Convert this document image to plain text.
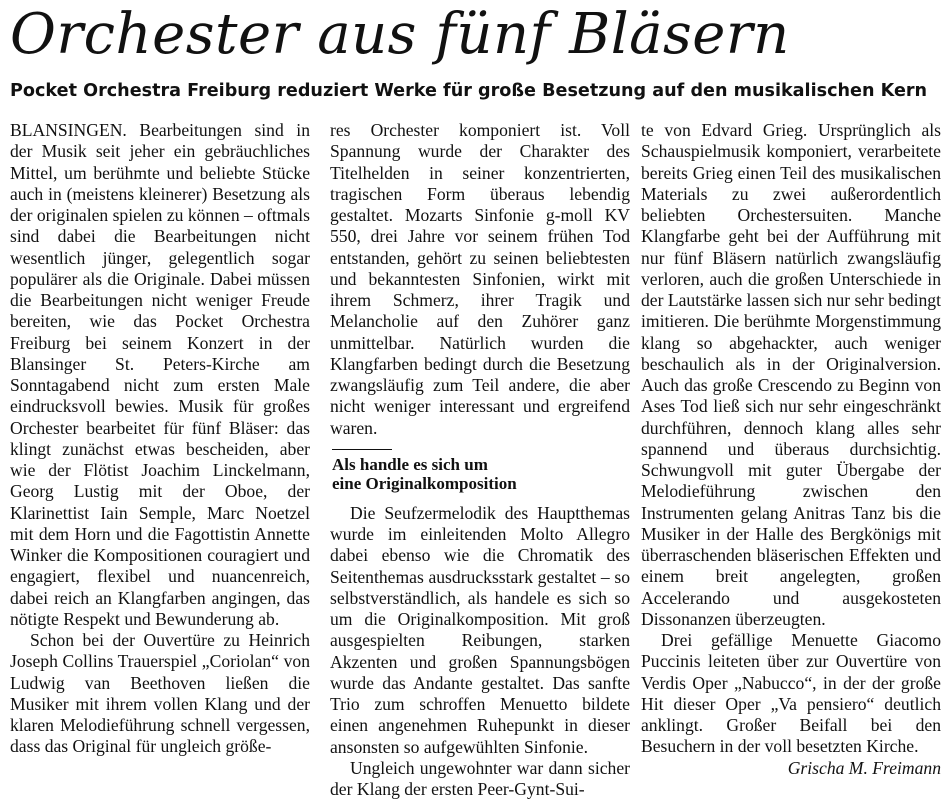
Orchester aus fünf Bläsern
Pocket Orchestra Freiburg reduziert Werke für große Besetzung auf den musikalischen Kern

BLANSINGEN. Bearbeitungen sind in der Musik seit jeher ein gebräuchliches Mittel, um berühmte und beliebte Stücke auch in (meistens kleinerer) Besetzung als der originalen spielen zu können – oftmals sind dabei die Bearbeitungen nicht wesentlich jünger, gelegentlich sogar populärer als die Originale. Dabei müssen die Bearbeitungen nicht weniger Freude bereiten, wie das Pocket Orchestra Freiburg bei seinem Konzert in der Blansinger St. Peters-Kirche am Sonntagabend nicht zum ersten Male eindrucksvoll bewies. Musik für großes Orchester bearbeitet für fünf Bläser: das klingt zunächst etwas bescheiden, aber wie der Flötist Joachim Linckelmann, Georg Lustig mit der Oboe, der Klarinettist Iain Semple, Marc Noetzel mit dem Horn und die Fagottistin Annette Winker die Kompositionen couragiert und engagiert, flexibel und nuancenreich, dabei reich an Klangfarben angingen, das nötigte Respekt und Bewunderung ab.

Schon bei der Ouvertüre zu Heinrich Joseph Collins Trauerspiel „Coriolan“ von Ludwig van Beethoven ließen die Musiker mit ihrem vollen Klang und der klaren Melodieführung schnell vergessen, dass das Original für ungleich größe-

res Orchester komponiert ist. Voll Spannung wurde der Charakter des Titelhelden in seiner konzentrierten, tragischen Form überaus lebendig gestaltet. Mozarts Sinfonie g-moll KV 550, drei Jahre vor seinem frühen Tod entstanden, gehört zu seinen beliebtesten und bekanntesten Sinfonien, wirkt mit ihrem Schmerz, ihrer Tragik und Melancholie auf den Zuhörer ganz unmittelbar. Natürlich wurden die Klangfarben bedingt durch die Besetzung zwangsläufig zum Teil andere, die aber nicht weniger interessant und ergreifend waren.

Als handle es sich um
eine Originalkomposition

Die Seufzermelodik des Hauptthemas wurde im einleitenden Molto Allegro dabei ebenso wie die Chromatik des Seitenthemas ausdrucksstark gestaltet – so selbstverständlich, als handele es sich so um die Originalkomposition. Mit groß ausgespielten Reibungen, starken Akzenten und großen Spannungsbögen wurde das Andante gestaltet. Das sanfte Trio zum schroffen Menuetto bildete einen angenehmen Ruhepunkt in dieser ansonsten so aufgewühlten Sinfonie.

Ungleich ungewohnter war dann sicher der Klang der ersten Peer-Gynt-Sui-

te von Edvard Grieg. Ursprünglich als Schauspielmusik komponiert, verarbeitete bereits Grieg einen Teil des musikalischen Materials zu zwei außerordentlich beliebten Orchestersuiten. Manche Klangfarbe geht bei der Aufführung mit nur fünf Bläsern natürlich zwangsläufig verloren, auch die großen Unterschiede in der Lautstärke lassen sich nur sehr bedingt imitieren. Die berühmte Morgenstimmung klang so abgehackter, auch weniger beschaulich als in der Originalversion. Auch das große Crescendo zu Beginn von Ases Tod ließ sich nur sehr eingeschränkt durchführen, dennoch klang alles sehr spannend und überaus durchsichtig. Schwungvoll mit guter Übergabe der Melodieführung zwischen den Instrumenten gelang Anitras Tanz bis die Musiker in der Halle des Bergkönigs mit überraschenden bläserischen Effekten und einem breit angelegten, großen Accelerando und ausgekosteten Dissonanzen überzeugten.

Drei gefällige Menuette Giacomo Puccinis leiteten über zur Ouvertüre von Verdis Oper „Nabucco“, in der der große Hit dieser Oper „Va pensiero“ deutlich anklingt. Großer Beifall bei den Besuchern in der voll besetzten Kirche.

Grischa M. Freimann
